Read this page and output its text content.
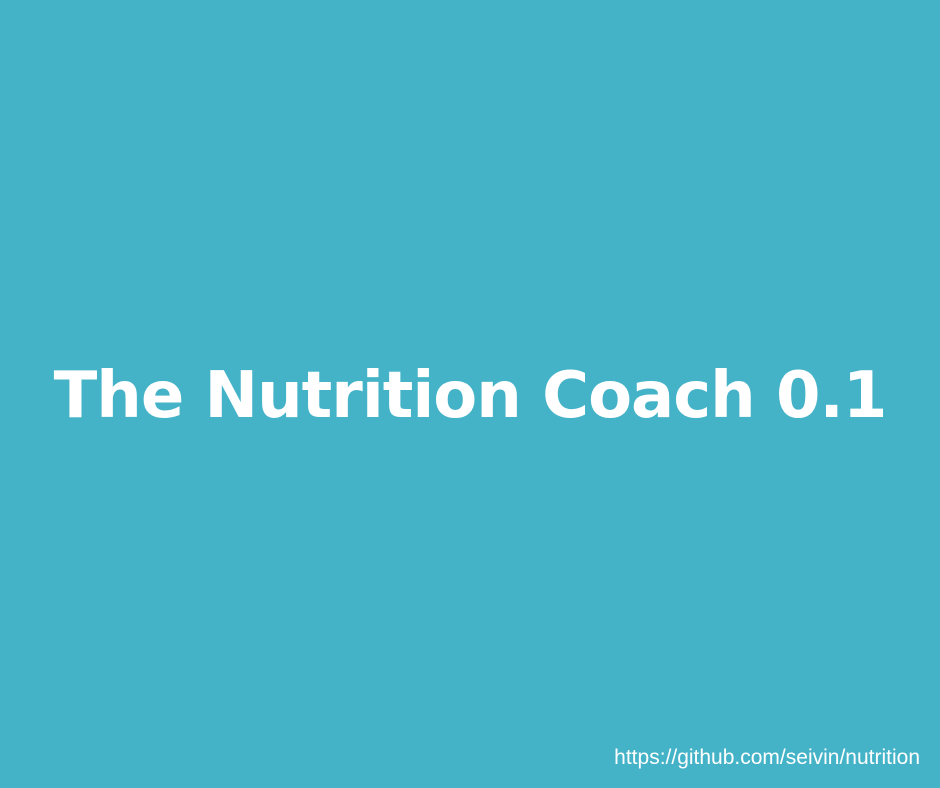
The Nutrition Coach 0.1
https://github.com/seivin/nutrition
